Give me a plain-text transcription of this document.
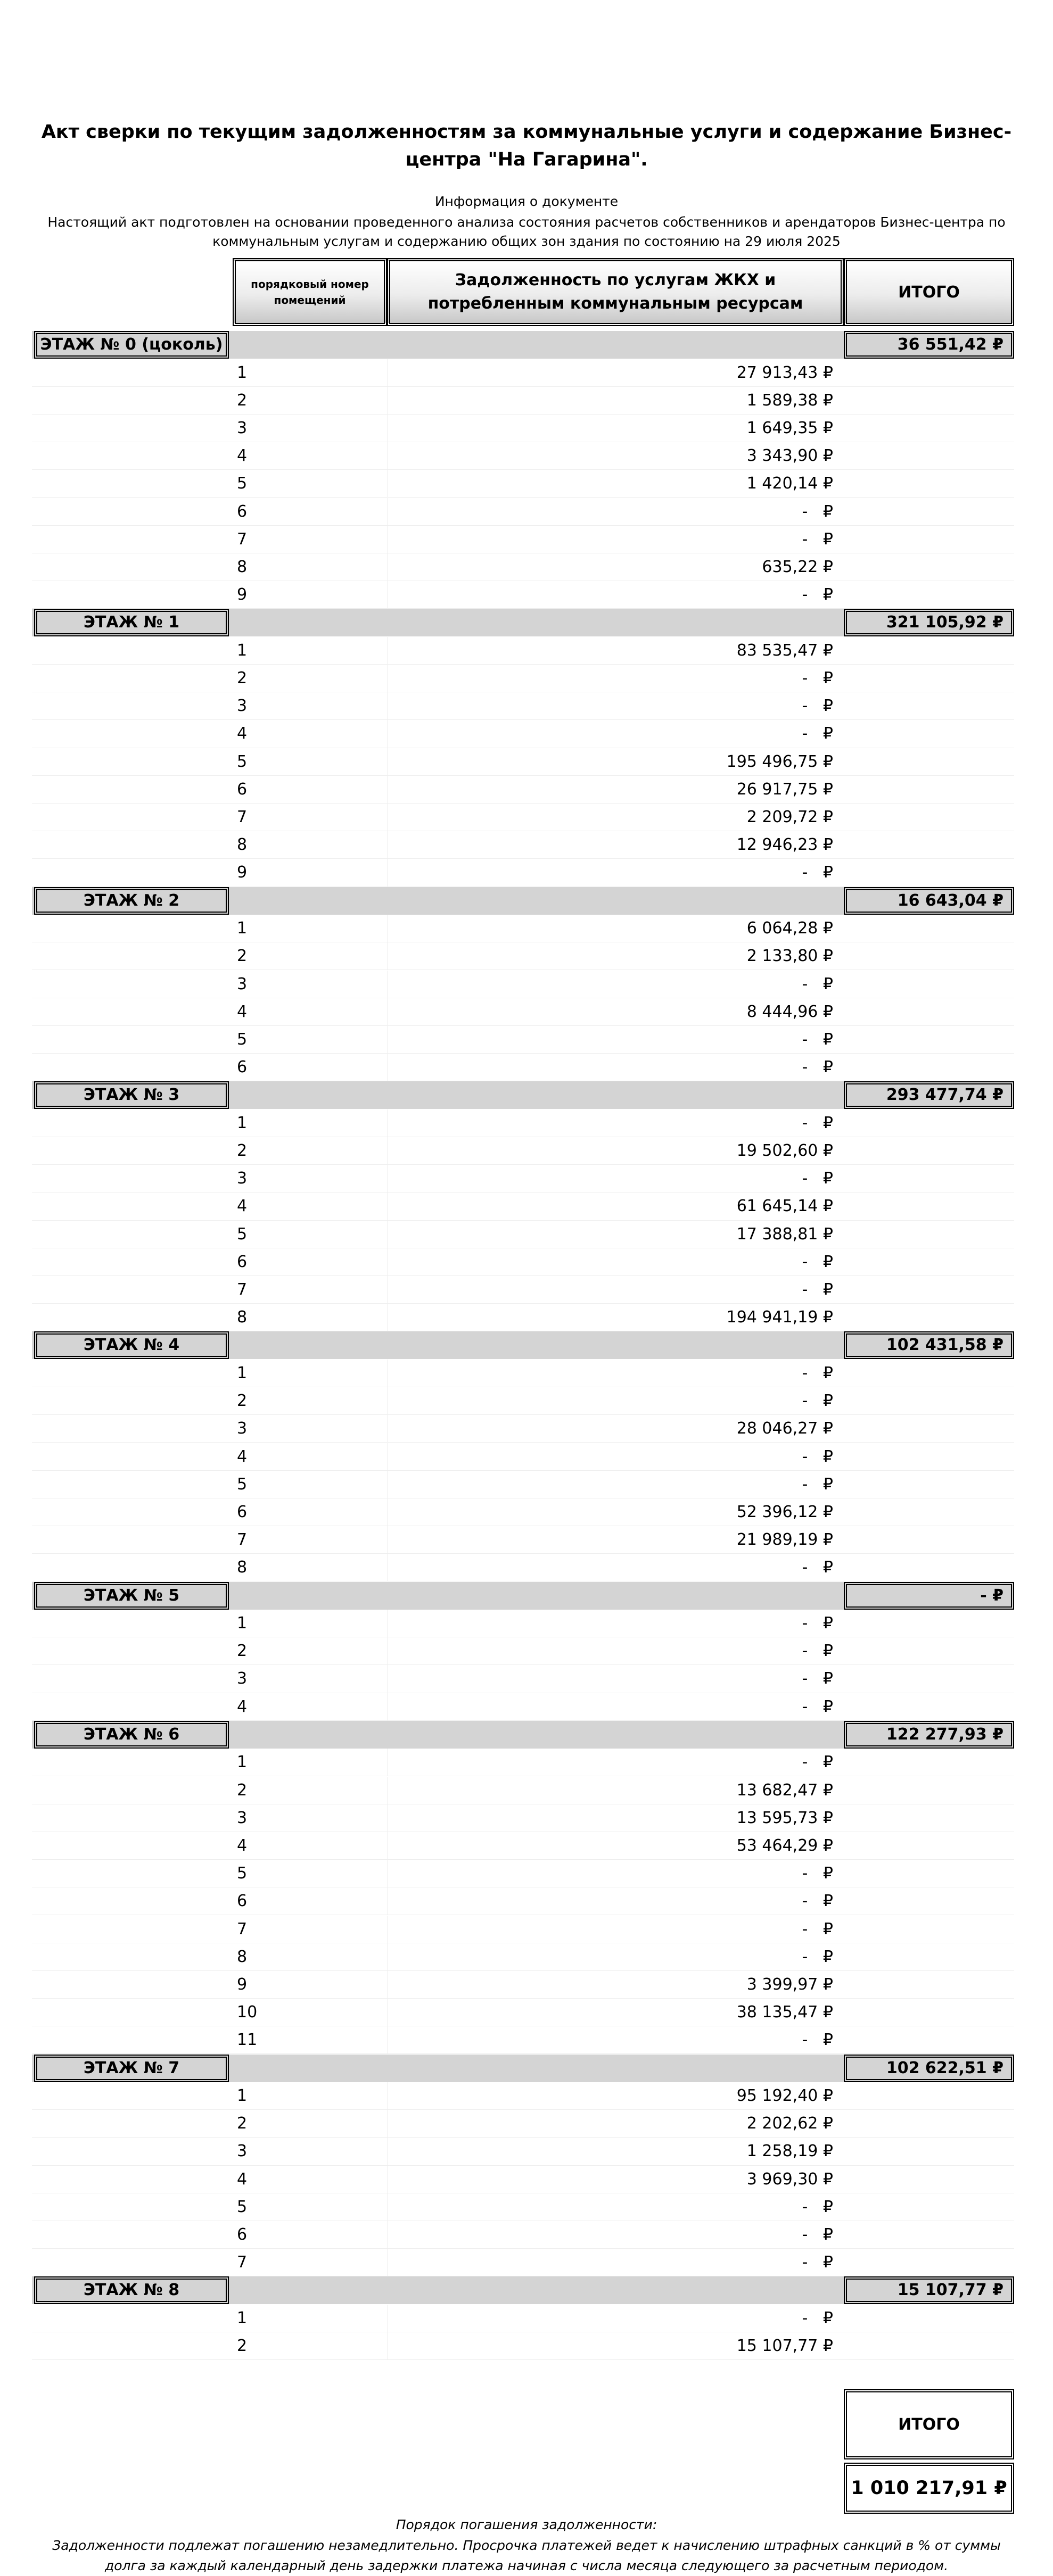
Акт сверки по текущим задолженностям за коммунальные услуги и содержание Бизнес-центра "На Гагарина".
Информация о документе
Настоящий акт подготовлен на основании проведенного анализа состояния расчетов собственников и арендаторов Бизнес-центра по коммунальным услугам и содержанию общих зон здания по состоянию на 29 июля 2025
порядковый номер помещений
Задолженность по услугам ЖКХ и потребленным коммунальным ресурсам
ИТОГО
ЭТАЖ № 0 (цоколь)	36 551,42 ₽
1	27 913,43 ₽
2	1 589,38 ₽
3	1 649,35 ₽
4	3 343,90 ₽
5	1 420,14 ₽
6	-   ₽
7	-   ₽
8	635,22 ₽
9	-   ₽
ЭТАЖ № 1	321 105,92 ₽
1	83 535,47 ₽
2	-   ₽
3	-   ₽
4	-   ₽
5	195 496,75 ₽
6	26 917,75 ₽
7	2 209,72 ₽
8	12 946,23 ₽
9	-   ₽
ЭТАЖ № 2	16 643,04 ₽
1	6 064,28 ₽
2	2 133,80 ₽
3	-   ₽
4	8 444,96 ₽
5	-   ₽
6	-   ₽
ЭТАЖ № 3	293 477,74 ₽
1	-   ₽
2	19 502,60 ₽
3	-   ₽
4	61 645,14 ₽
5	17 388,81 ₽
6	-   ₽
7	-   ₽
8	194 941,19 ₽
ЭТАЖ № 4	102 431,58 ₽
1	-   ₽
2	-   ₽
3	28 046,27 ₽
4	-   ₽
5	-   ₽
6	52 396,12 ₽
7	21 989,19 ₽
8	-   ₽
ЭТАЖ № 5	- ₽
1	-   ₽
2	-   ₽
3	-   ₽
4	-   ₽
ЭТАЖ № 6	122 277,93 ₽
1	-   ₽
2	13 682,47 ₽
3	13 595,73 ₽
4	53 464,29 ₽
5	-   ₽
6	-   ₽
7	-   ₽
8	-   ₽
9	3 399,97 ₽
10	38 135,47 ₽
11	-   ₽
ЭТАЖ № 7	102 622,51 ₽
1	95 192,40 ₽
2	2 202,62 ₽
3	1 258,19 ₽
4	3 969,30 ₽
5	-   ₽
6	-   ₽
7	-   ₽
ЭТАЖ № 8	15 107,77 ₽
1	-   ₽
2	15 107,77 ₽
ИТОГО
1 010 217,91 ₽
Порядок погашения задолженности:
Задолженности подлежат погашению незамедлительно. Просрочка платежей ведет к начислению штрафных санкций в % от суммы долга за каждый календарный день задержки платежа начиная с числа месяца следующего за расчетным периодом.
